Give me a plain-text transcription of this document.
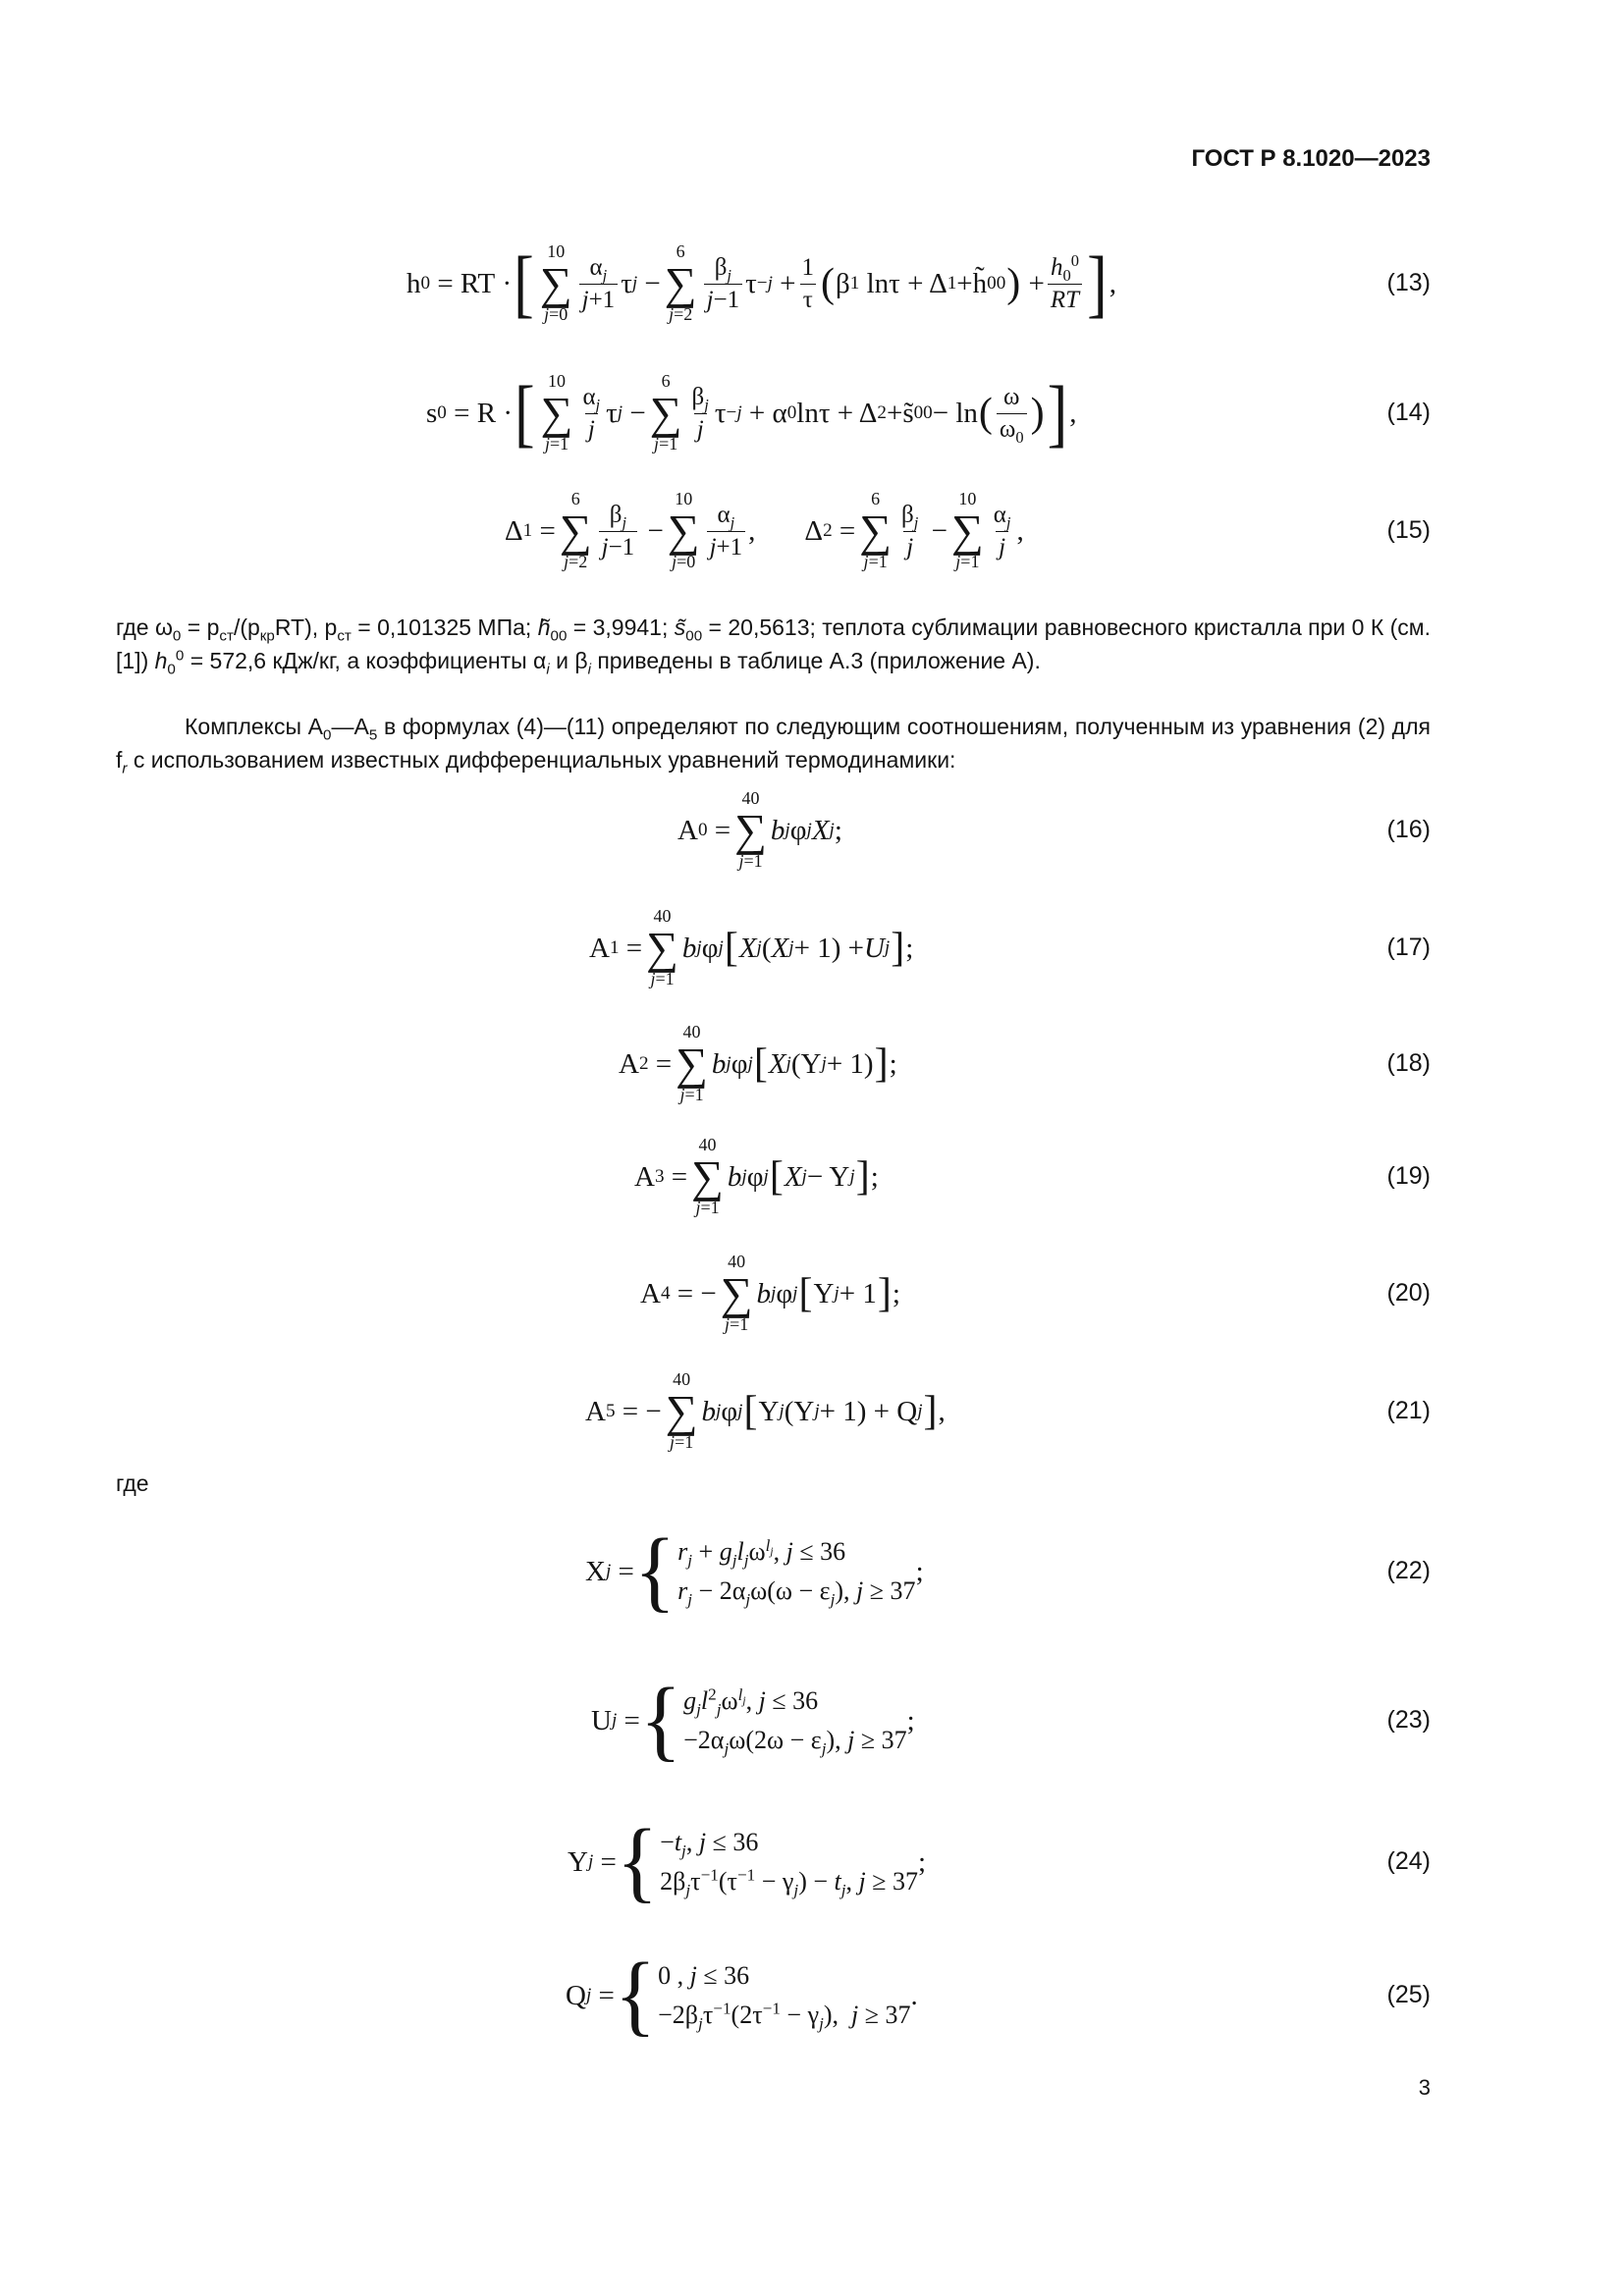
ГОСТ Р 8.1020—2023
h 0 = RT · [ 10
∑
j=0
$\frac{\alpha_j}{j+1}$ τ j −
6
∑
j=2
$\frac{\beta_j}{j-1}$ $\tau -j + \frac{1}{\tau}$ ( β 1 lnτ + Δ 1 + h̃ 00 ) + $\frac{h_0^0}{RT}$ ] ,	(13)
s 0 = R · [ 10
∑
j=1
$\frac{\alpha_j}{j}$ τ j −
6
∑
j=1
$\frac{\beta_j}{j}$ τ −j + α 0 lnτ + Δ 2 + s̃ 00 − ln ( $\frac{\omega}{\omega_0}$ ) ] ,	(14)
Δ 1 =
6
∑
j=2
$\frac{\beta_j}{j-1}$ −
10
∑
j=0
$\frac{\alpha_j}{j+1}$ ,
Δ 2 =
6
∑
j=1
$\frac{\beta_j}{j}$ −
10
∑
j=1
$\frac{\alpha_j}{j}$ ,	(15)

где $\omega_0 = p_{ст}/(p_{кр}RT)$, $p_{ст} = 0,101325$ МПа; $h̃_{00} = 3,9941$; $s̃_{00} = 20,5613$; теплота сублимации равновесного кристалла при 0 К (см. [1]) $h_0^0 = 572,6$ кДж/кг, а коэффициенты $\alpha_i$ и $\beta_i$ приведены в таблице А.3 (приложение А).

Комплексы $A_0—A_5$ в формулах (4)—(11) определяют по следующим соотношениям, полученным из уравнения (2) для $f_r$ с использованием известных дифференциальных уравнений термодинамики:

A 0 =
40
∑
j=1
b j φ j X j ;	(16)
A 1 =
40
∑
j=1
b j φ j [ X j ( X j + 1) + U j ] ;	(17)
A 2 =
40
∑
j=1
b j φ j [ X j (Y j + 1) ] ;	(18)
A 3 =
40
∑
j=1
b j φ j [ X j − Y j ] ;	(19)
A 4 = −
40
∑
j=1
b j φ j [ Y j + 1 ] ;	(20)
A 5 = −
40
∑
j=1
b j φ j [ Y j (Y j + 1) + Q j ] ,	(21)
где
X j = { $r_j + g_jl_j\omega^{l_j}$, j ≤ 36
$r_j - 2\alpha_j\omega(\omega - \varepsilon_j)$, j ≥ 37
;	(22)
U j = { $g_jl^2_j\omega^{l_j}$, j ≤ 36
$-2\alpha_j\omega(2\omega - \varepsilon_j)$, j ≥ 37
;	(23)
Y j = { $-t_j$, j ≤ 36
$2\beta_j\tau^{-1}(\tau^{-1} - \gamma_j) - t_j$, j ≥ 37
;	(24)
Q j = { 0 , j ≤ 36
$-2\beta_j\tau^{-1}(2\tau^{-1} - \gamma_j)$,  j ≥ 37
.	(25)
3
